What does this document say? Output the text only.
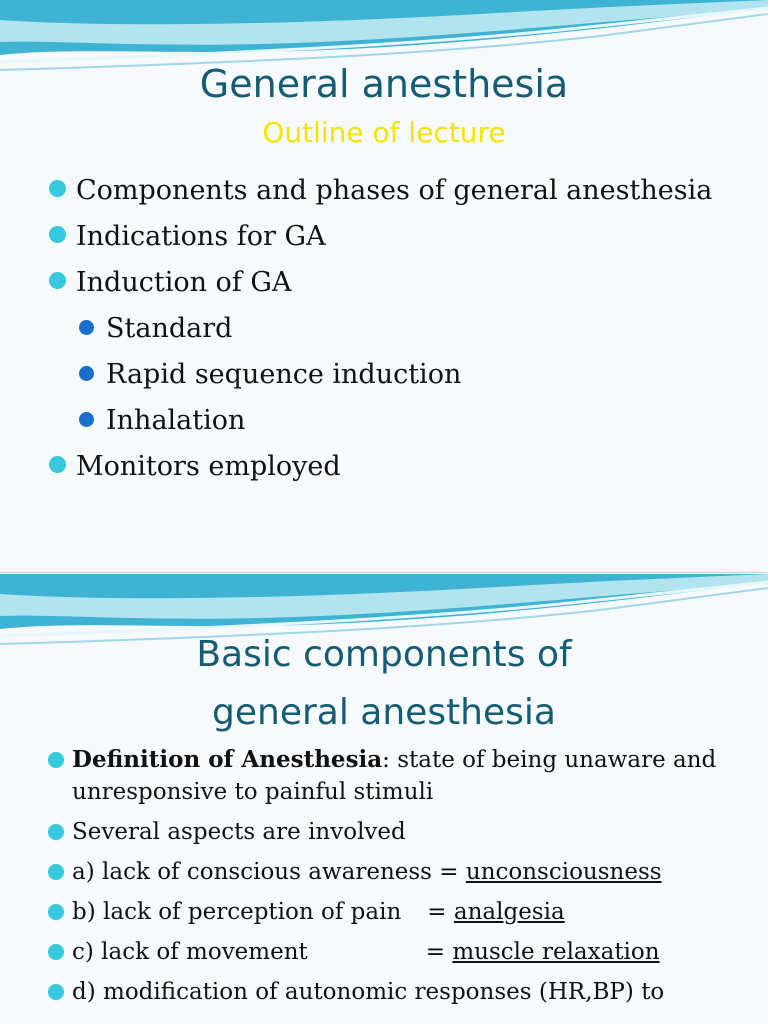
General anesthesia
Outline of lecture
Components and phases of general anesthesia
Indications for GA
Induction of GA
Standard
Rapid sequence induction
Inhalation
Monitors employed
Basic components of
general anesthesia
Definition of Anesthesia: state of being unaware and unresponsive to painful stimuli
Several aspects are involved
a) lack of conscious awareness = unconsciousness
b) lack of perception of pain = analgesia
c) lack of movement	= muscle relaxation
d) modification of autonomic responses (HR,BP) to
